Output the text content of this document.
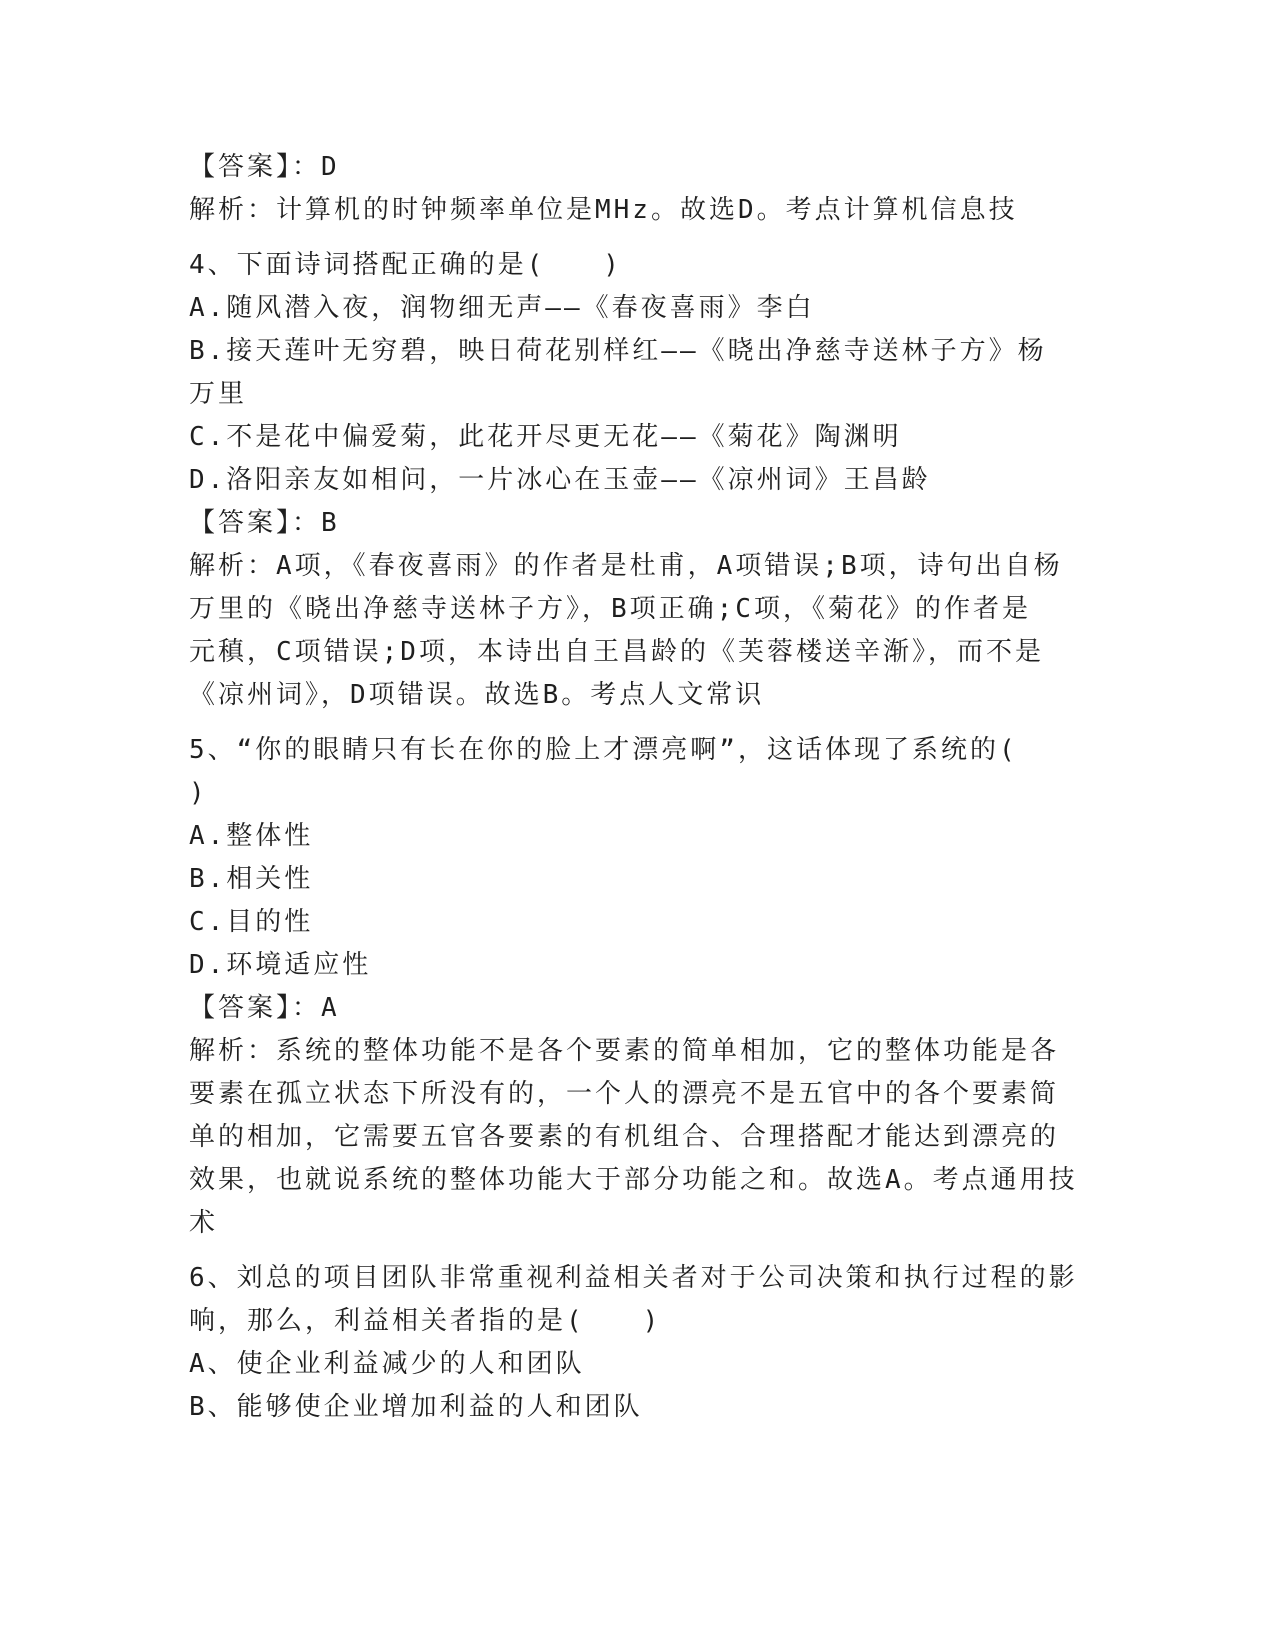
【答案】：D
解析：计算机的时钟频率单位是MHz。故选D。考点计算机信息技
4、下面诗词搭配正确的是(　　)
A.随风潜入夜，润物细无声——《春夜喜雨》李白
B.接天莲叶无穷碧，映日荷花别样红——《晓出净慈寺送林子方》杨
万里
C.不是花中偏爱菊，此花开尽更无花——《菊花》陶渊明
D.洛阳亲友如相问，一片冰心在玉壶——《凉州词》王昌龄
【答案】：B
解析：A项，《春夜喜雨》的作者是杜甫，A项错误;B项，诗句出自杨
万里的《晓出净慈寺送林子方》，B项正确;C项，《菊花》的作者是
元稹，C项错误;D项，本诗出自王昌龄的《芙蓉楼送辛渐》，而不是
《凉州词》，D项错误。故选B。考点人文常识
5、“你的眼睛只有长在你的脸上才漂亮啊”，这话体现了系统的(
)
A.整体性
B.相关性
C.目的性
D.环境适应性
【答案】：A
解析：系统的整体功能不是各个要素的简单相加，它的整体功能是各
要素在孤立状态下所没有的，一个人的漂亮不是五官中的各个要素简
单的相加，它需要五官各要素的有机组合、合理搭配才能达到漂亮的
效果，也就说系统的整体功能大于部分功能之和。故选A。考点通用技
术
6、刘总的项目团队非常重视利益相关者对于公司决策和执行过程的影
响，那么，利益相关者指的是(　　)
A、使企业利益减少的人和团队
B、能够使企业增加利益的人和团队
